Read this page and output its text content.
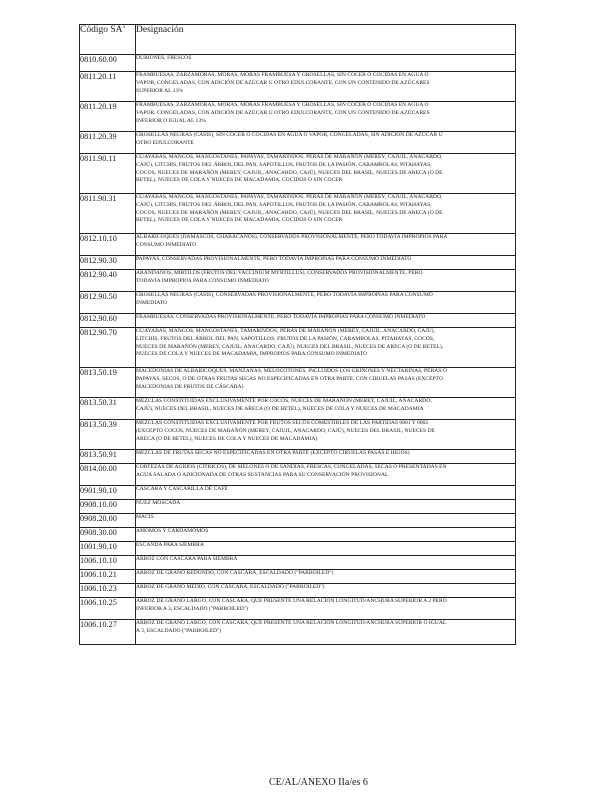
Código $SA^1$	Designación
0810.60.00	DURIONES, FRESCOS

0811.20.11	FRAMBUESAS, ZARZAMORAS, MORAS, MORAS FRAMBUESA Y GROSELLAS, SIN COCER O COCIDAS EN AGUA O
VAPOR, CONGELADAS, CON ADICIÓN DE AZÚCAR U OTRO EDULCORANTE, CON UN CONTENIDO DE AZÚCARES
SUPERIOR AL 13%

0811.20.19	FRAMBUESAS, ZARZAMORAS, MORAS, MORAS FRAMBUESA Y GROSELLAS, SIN COCER O COCIDAS EN AGUA O
VAPOR, CONGELADAS, CON ADICIÓN DE AZÚCAR U OTRO EDULCORANTE, CON UN CONTENIDO DE AZÚCARES
INFERIOR O IGUAL AL 13%

0811.20.39	GROSELLAS NEGRAS (CASIS), SIN COCER O COCIDAS EN AGUA O VAPOR, CONGELADAS, SIN ADICIÓN DE AZÚCAR U
OTRO EDULCORANTE

0811.90.11	GUAYABAS, MANGOS, MANGOSTANES, PAPAYAS, TAMARINDOS, PERAS DE MARAÑÓN (MEREY, CAJUIL, ANACARDO,
CAJÚ), LITCHIS, FRUTOS DEL ÁRBOL DEL PAN, SAPOTILLOS, FRUTOS DE LA PASIÓN, CARAMBOLAS, PITAHAYAS,
COCOS, NUECES DE MARAÑÓN (MEREY, CAJUIL, ANACARDO, CAJÚ), NUECES DEL BRASIL, NUECES DE ARECA (O DE
BETEL), NUECES DE COLA Y NUECES DE MACADAMIA, COCIDOS O SIN COCER

0811.90.31	GUAYABAS, MANGOS, MANGOSTANES, PAPAYAS, TAMARINDOS, PERAS DE MARAÑÓN (MEREY, CAJUIL, ANACARDO,
CAJÚ), LITCHIS, FRUTOS DEL ÁRBOL DEL PAN, SAPOTILLOS, FRUTOS DE LA PASIÓN, CARAMBOLAS, PITAHAYAS,
COCOS, NUECES DE MARAÑÓN (MEREY, CAJUIL, ANACARDO, CAJÚ), NUECES DEL BRASIL, NUECES DE ARECA (O DE
BETEL), NUECES DE COLA Y NUECES DE MACADAMIA, COCIDOS O SIN COCER

0812.10.10	ALBARICOQUES (DAMASCOS, CHABACANOS), CONSERVADOS PROVISIONALMENTE, PERO TODAVÍA IMPROPIOS PARA
CONSUMO INMEDIATO

0812.90.30	PAPAYAS, CONSERVADAS PROVISIONALMENTE, PERO TODAVÍA IMPROPIAS PARA CONSUMO INMEDIATO

0812.90.40	ARÁNDANOS, MIRTILOS (FRUTOS DEL VACCINIUM MYRTILLUS), CONSERVADOS PROVISIONALMENTE, PERO
TODAVÍA IMPROPIOS PARA CONSUMO INMEDIATO

0812.90.50	GROSELLAS NEGRAS (CASIS), CONSERVADAS PROVISIONALMENTE, PERO TODAVÍA IMPROPIAS PARA CONSUMO
INMEDIATO

0812.90.60	FRAMBUESAS, CONSERVADAS PROVISIONALMENTE, PERO TODAVÍA IMPROPIAS PARA CONSUMO INMEDIATO

0812.90.70	GUAYABAS, MANGOS, MANGOSTANES, TAMARINDOS, PERAS DE MARAÑÓN (MEREY, CAJUIL, ANACARDO, CAJÚ),
LITCHIS, FRUTOS DEL ÁRBOL DEL PAN, SAPOTILLOS, FRUTOS DE LA PASIÓN, CARAMBOLAS, PITAHAYAS, COCOS,
NUECES DE MARAÑÓN (MEREY, CAJUIL, ANACARDO, CAJÚ), NUECES DEL BRASIL, NUECES DE ARECA (O DE BETEL),
NUECES DE COLA Y NUECES DE MACADAMIA, IMPROPIOS PARA CONSUMO INMEDIATO

0813.50.19	MACEDONIAS DE ALBARICOQUES, MANZANAS, MELOCOTONES, INCLUIDOS LOS GRIÑONES Y NECTARINAS, PERAS O
PAPAYAS, SECOS, O DE OTRAS FRUTAS SECAS NO ESPECIFICADAS EN OTRA PARTE, CON CIRUELAS PASAS (EXCEPTO
MACEDONIAS DE FRUTOS DE CÁSCARA)

0813.50.31	MEZCLAS CONSTITUIDAS EXCLUSIVAMENTE POR COCOS, NUECES DE MARAÑÓN (MEREY, CAJUIL, ANACARDO,
CAJÚ), NUECES DEL BRASIL, NUECES DE ARECA (O DE BETEL), NUECES DE COLA Y NUECES DE MACADAMIA

0813.50.39	MEZCLAS CONSTITUIDAS EXCLUSIVAMENTE POR FRUTOS SECOS COMESTIBLES DE LAS PARTIDAS 0801 Y 0802
(EXCEPTO COCOS, NUECES DE MARAÑÓN (MEREY, CAJUIL, ANACARDO, CAJÚ), NUECES DEL BRASIL, NUECES DE
ARECA (O DE BETEL), NUECES DE COLA Y NUECES DE MACADAMIA)

0813.50.91	MEZCLAS DE FRUTAS SECAS NO ESPECIFICADAS EN OTRA PARTE (EXCEPTO CIRUELAS PASAS E HIGOS)

0814.00.00	CORTEZAS DE AGRIOS (CÍTRICOS), DE MELONES O DE SANDÍAS, FRESCAS, CONGELADAS, SECAS O PRESENTADAS EN
AGUA SALADA O ADICIONADA DE OTRAS SUSTANCIAS PARA SU CONSERVACIÓN PROVISIONAL

0901.90.10	CÁSCARA Y CASCARILLA DE CAFÉ

0908.10.00	NUEZ MOSCADA

0908.20.00	MACIS

0908.30.00	AMOMOS Y CARDAMOMOS

1001.90.10	ESCANDA PARA SIEMBRA

1006.10.10	ARROZ CON CÁSCARA PARA SIEMBRA

1006.10.21	ARROZ DE GRANO REDONDO, CON CÁSCARA, ESCALDADO ("PARBOILED")

1006.10.23	ARROZ DE GRANO MEDIO, CON CÁSCARA, ESCALDADO ("PARBOILED")

1006.10.25	ARROZ DE GRANO LARGO, CON CÁSCARA, QUE PRESENTE UNA RELACIÓN LONGITUD/ANCHURA SUPERIOR A 2 PERO
INFERIOR A 3, ESCALDADO ("PARBOILED")

1006.10.27	ARROZ DE GRANO LARGO, CON CÁSCARA, QUE PRESENTE UNA RELACIÓN LONGITUD/ANCHURA SUPERIOR O IGUAL
A 3, ESCALDADO ("PARBOILED")
CE/AL/ANEXO IIa/es 6
